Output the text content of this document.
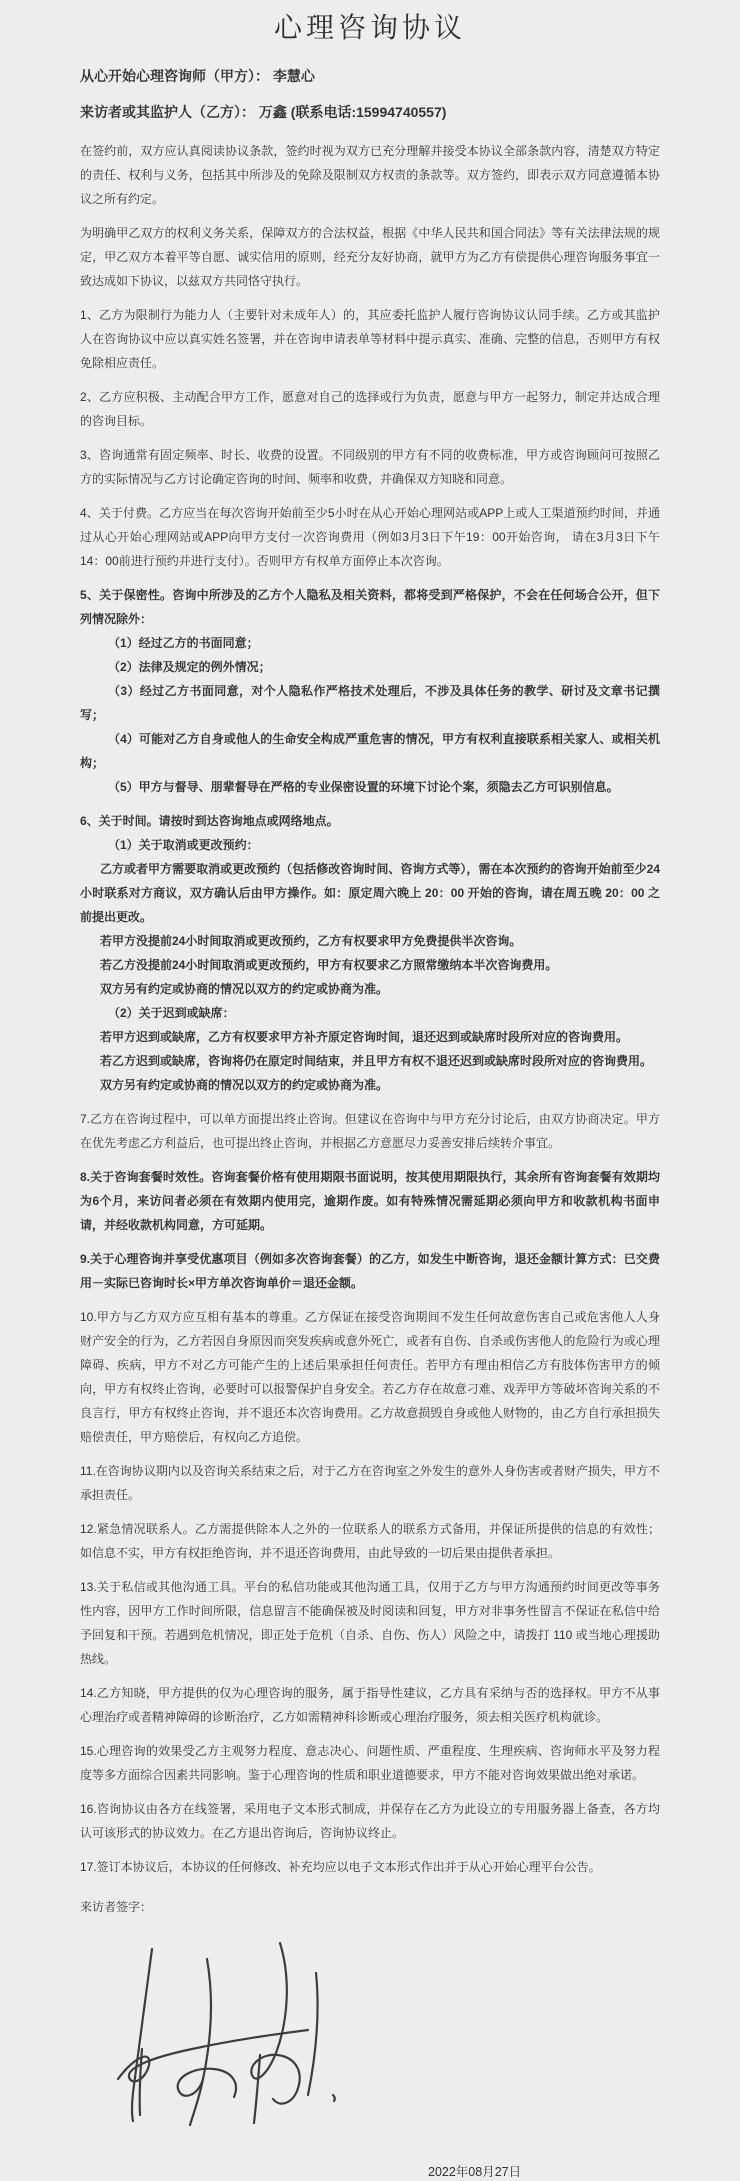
心理咨询协议

从心开始心理咨询师（甲方）： 李慧心

来访者或其监护人（乙方）： 万鑫 (联系电话:15994740557)

在签约前，双方应认真阅读协议条款，签约时视为双方已充分理解并接受本协议全部条款内容，清楚双方特定的责任、权利与义务，包括其中所涉及的免除及限制双方权责的条款等。双方签约，即表示双方同意遵循本协议之所有约定。

为明确甲乙双方的权利义务关系，保障双方的合法权益，根据《中华人民共和国合同法》等有关法律法规的规定，甲乙双方本着平等自愿、诚实信用的原则，经充分友好协商，就甲方为乙方有偿提供心理咨询服务事宜一致达成如下协议，以兹双方共同恪守执行。

1、乙方为限制行为能力人（主要针对未成年人）的，其应委托监护人履行咨询协议认同手续。乙方或其监护人在咨询协议中应以真实姓名签署，并在咨询申请表单等材料中提示真实、准确、完整的信息，否则甲方有权免除相应责任。

2、乙方应积极、主动配合甲方工作，愿意对自己的选择或行为负责，愿意与甲方一起努力，制定并达成合理的咨询目标。

3、咨询通常有固定频率、时长、收费的设置。不同级别的甲方有不同的收费标准，甲方或咨询顾问可按照乙方的实际情况与乙方讨论确定咨询的时间、频率和收费，并确保双方知晓和同意。

4、关于付费。乙方应当在每次咨询开始前至少5小时在从心开始心理网站或APP上或人工渠道预约时间，并通过从心开始心理网站或APP向甲方支付一次咨询费用（例如3月3日下午19：00开始咨询， 请在3月3日下午14：00前进行预约并进行支付）。否则甲方有权单方面停止本次咨询。

5、关于保密性。咨询中所涉及的乙方个人隐私及相关资料，都将受到严格保护，不会在任何场合公开，但下列情况除外：

（1）经过乙方的书面同意；

（2）法律及规定的例外情况；

（3）经过乙方书面同意，对个人隐私作严格技术处理后，不涉及具体任务的教学、研讨及文章书记撰写；

（4）可能对乙方自身或他人的生命安全构成严重危害的情况，甲方有权利直接联系相关家人、或相关机构；

（5）甲方与督导、朋辈督导在严格的专业保密设置的环境下讨论个案，须隐去乙方可识别信息。

6、关于时间。请按时到达咨询地点或网络地点。

（1）关于取消或更改预约：

乙方或者甲方需要取消或更改预约（包括修改咨询时间、咨询方式等），需在本次预约的咨询开始前至少24小时联系对方商议，双方确认后由甲方操作。如：原定周六晚上 20：00 开始的咨询，请在周五晚 20：00 之前提出更改。

若甲方没提前24小时间取消或更改预约，乙方有权要求甲方免费提供半次咨询。

若乙方没提前24小时间取消或更改预约，甲方有权要求乙方照常缴纳本半次咨询费用。

双方另有约定或协商的情况以双方的约定或协商为准。

（2）关于迟到或缺席：

若甲方迟到或缺席，乙方有权要求甲方补齐原定咨询时间，退还迟到或缺席时段所对应的咨询费用。

若乙方迟到或缺席，咨询将仍在原定时间结束，并且甲方有权不退还迟到或缺席时段所对应的咨询费用。

双方另有约定或协商的情况以双方的约定或协商为准。

7.乙方在咨询过程中，可以单方面提出终止咨询。但建议在咨询中与甲方充分讨论后，由双方协商决定。甲方在优先考虑乙方利益后，也可提出终止咨询，并根据乙方意愿尽力妥善安排后续转介事宜。

8.关于咨询套餐时效性。咨询套餐价格有使用期限书面说明，按其使用期限执行，其余所有咨询套餐有效期均为6个月，来访问者必须在有效期内使用完，逾期作废。如有特殊情况需延期必须向甲方和收款机构书面申请，并经收款机构同意，方可延期。

9.关于心理咨询并享受优惠项目（例如多次咨询套餐）的乙方，如发生中断咨询，退还金额计算方式：已交费用－实际已咨询时长×甲方单次咨询单价＝退还金额。

10.甲方与乙方双方应互相有基本的尊重。乙方保证在接受咨询期间不发生任何故意伤害自己或危害他人人身财产安全的行为，乙方若因自身原因而突发疾病或意外死亡，或者有自伤、自杀或伤害他人的危险行为或心理障碍、疾病，甲方不对乙方可能产生的上述后果承担任何责任。若甲方有理由相信乙方有肢体伤害甲方的倾向，甲方有权终止咨询，必要时可以报警保护自身安全。若乙方存在故意刁难、戏弄甲方等破坏咨询关系的不良言行，甲方有权终止咨询，并不退还本次咨询费用。乙方故意损毁自身或他人财物的，由乙方自行承担损失赔偿责任，甲方赔偿后，有权向乙方追偿。

11.在咨询协议期内以及咨询关系结束之后，对于乙方在咨询室之外发生的意外人身伤害或者财产损失，甲方不承担责任。

12.紧急情况联系人。乙方需提供除本人之外的一位联系人的联系方式备用，并保证所提供的信息的有效性；如信息不实，甲方有权拒绝咨询，并不退还咨询费用，由此导致的一切后果由提供者承担。

13.关于私信或其他沟通工具。平台的私信功能或其他沟通工具，仅用于乙方与甲方沟通预约时间更改等事务性内容，因甲方工作时间所限，信息留言不能确保被及时阅读和回复，甲方对非事务性留言不保证在私信中给予回复和干预。若遇到危机情况，即正处于危机（自杀、自伤、伤人）风险之中，请拨打 110 或当地心理援助热线。

14.乙方知晓，甲方提供的仅为心理咨询的服务，属于指导性建议，乙方具有采纳与否的选择权。甲方不从事心理治疗或者精神障碍的诊断治疗，乙方如需精神科诊断或心理治疗服务，须去相关医疗机构就诊。

15.心理咨询的效果受乙方主观努力程度、意志决心、问题性质、严重程度、生理疾病、咨询师水平及努力程度等多方面综合因素共同影响。鉴于心理咨询的性质和职业道德要求，甲方不能对咨询效果做出绝对承诺。

16.咨询协议由各方在线签署，采用电子文本形式制成，并保存在乙方为此设立的专用服务器上备查，各方均认可该形式的协议效力。在乙方退出咨询后，咨询协议终止。

17.签订本协议后，本协议的任何修改、补充均应以电子文本形式作出并于从心开始心理平台公告。

来访者签字：

2022年08月27日
